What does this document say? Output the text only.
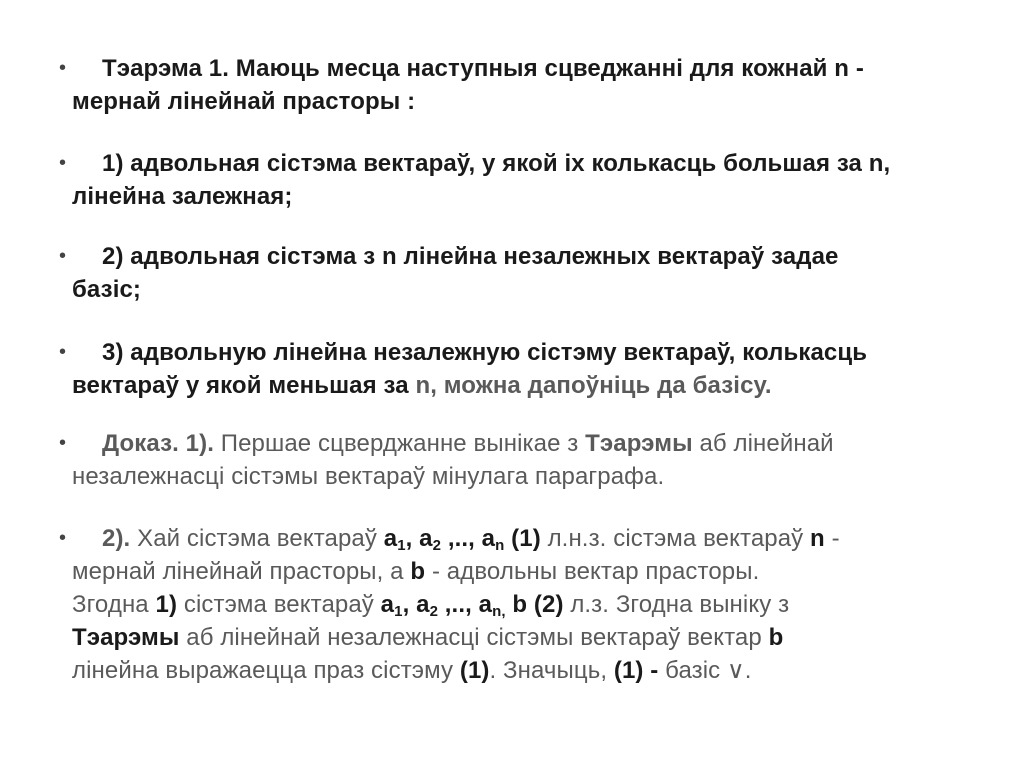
•	Тэарэма 1. Маюць месца наступныя сцведжанні для кожнай n -
мернай лінейнай прасторы :
•	1) адвольная сістэма вектараў, у якой іх колькасць большая за n,
лінейна залежная;
•	2) адвольная сістэма з n лінейна незалежных вектараў задае
базіс;
•	3) адвольную лінейна незалежную сістэму вектараў, колькасць
вектараў у якой меньшая за n, можна дапоўніць да базісу.
•	Доказ. 1). Першае сцверджанне вынікае з Тэарэмы аб лінейнай
незалежнасці сістэмы вектараў мінулага параграфа.
•	2). Хай сістэма вектараў $a_1$, $a_2$ ,.., $a_n$ (1) л.н.з. сістэма вектараў n -
мернай лінейнай прасторы, а b - адвольны вектар прасторы.
Згодна 1) сістэма вектараў $a_1$, $a_2$ ,.., $a_{n,}$ b (2) л.з. Згодна выніку з
Тэарэмы аб лінейнай незалежнасці сістэмы вектараў вектар b
лінейна выражаецца праз сістэму (1). Значыць, (1) - базіс ∨.
